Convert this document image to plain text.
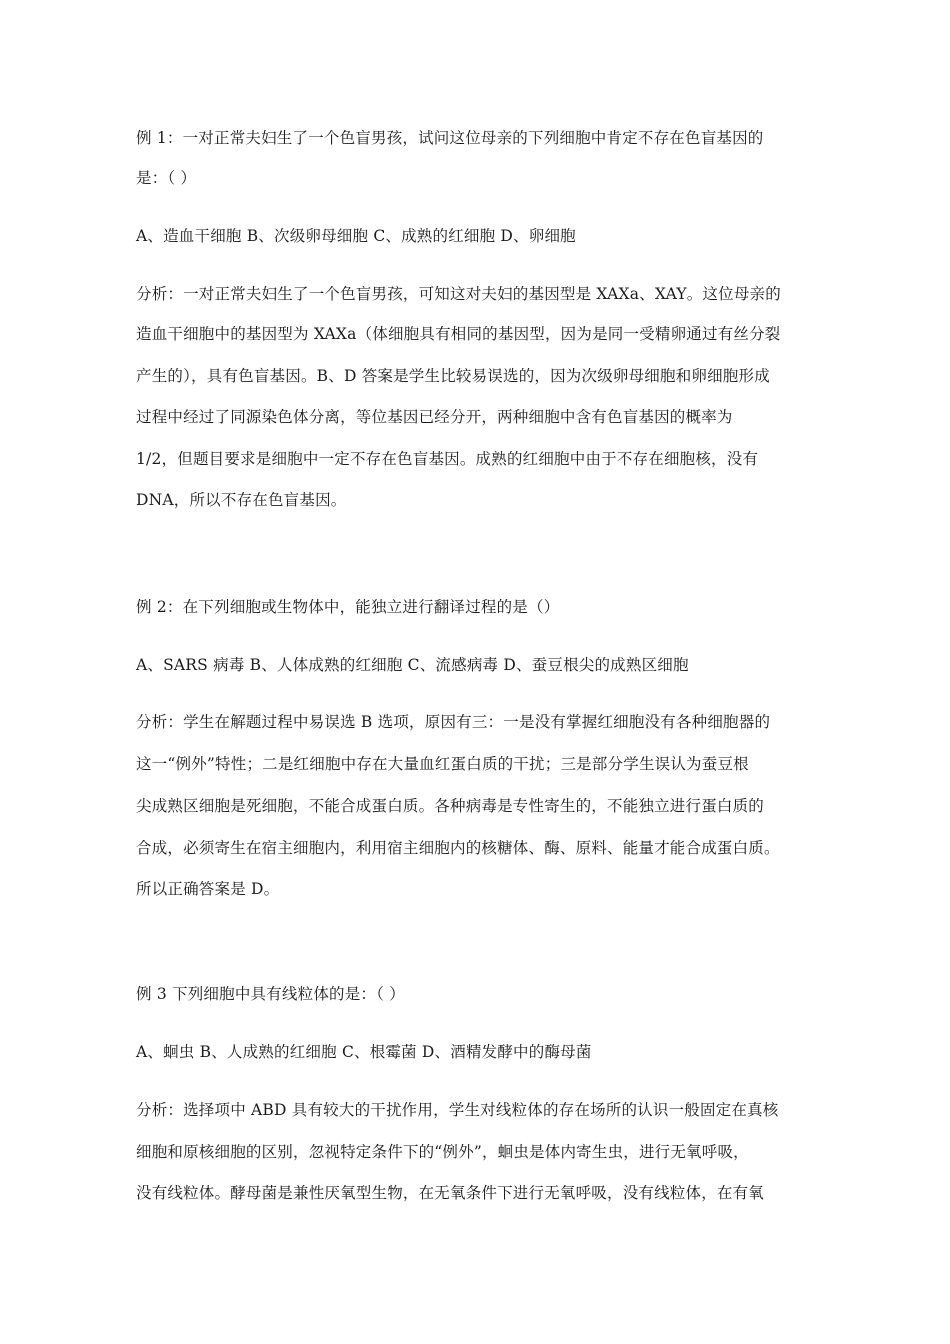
例 1：一对正常夫妇生了一个色盲男孩，试问这位母亲的下列细胞中肯定不存在色盲基因的
是：（ ）
A、造血干细胞 B、次级卵母细胞 C、成熟的红细胞 D、卵细胞
分析：一对正常夫妇生了一个色盲男孩，可知这对夫妇的基因型是 XAXa、XAY。这位母亲的
造血干细胞中的基因型为 XAXa（体细胞具有相同的基因型，因为是同一受精卵通过有丝分裂
产生的），具有色盲基因。B、D 答案是学生比较易误选的，因为次级卵母细胞和卵细胞形成
过程中经过了同源染色体分离，等位基因已经分开，两种细胞中含有色盲基因的概率为
1/2，但题目要求是细胞中一定不存在色盲基因。成熟的红细胞中由于不存在细胞核，没有
DNA，所以不存在色盲基因。
例 2：在下列细胞或生物体中，能独立进行翻译过程的是（）
A、SARS 病毒 B、人体成熟的红细胞 C、流感病毒 D、蚕豆根尖的成熟区细胞
分析：学生在解题过程中易误选 B 选项，原因有三：一是没有掌握红细胞没有各种细胞器的
这一“例外”特性；二是红细胞中存在大量血红蛋白质的干扰；三是部分学生误认为蚕豆根
尖成熟区细胞是死细胞，不能合成蛋白质。各种病毒是专性寄生的，不能独立进行蛋白质的
合成，必须寄生在宿主细胞内，利用宿主细胞内的核糖体、酶、原料、能量才能合成蛋白质。
所以正确答案是 D。
例 3 下列细胞中具有线粒体的是：（ ）
A、蛔虫 B、人成熟的红细胞 C、根霉菌 D、酒精发酵中的酶母菌
分析：选择项中 ABD 具有较大的干扰作用，学生对线粒体的存在场所的认识一般固定在真核
细胞和原核细胞的区别，忽视特定条件下的“例外”，蛔虫是体内寄生虫，进行无氧呼吸，
没有线粒体。酵母菌是兼性厌氧型生物，在无氧条件下进行无氧呼吸，没有线粒体，在有氧
